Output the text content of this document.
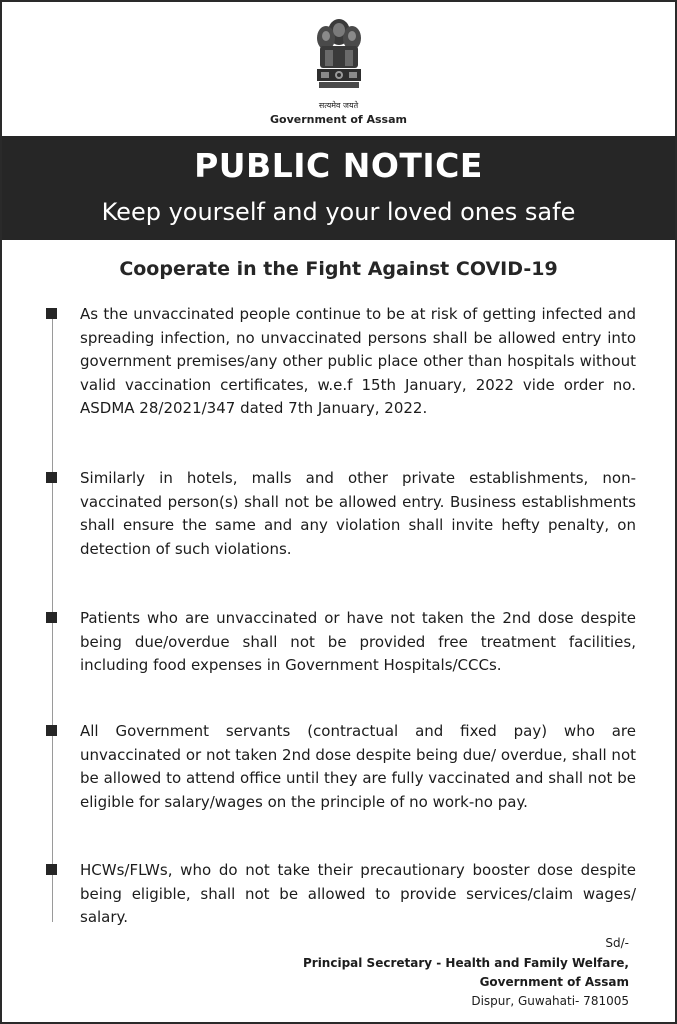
सत्यमेव जयते
Government of Assam
PUBLIC NOTICE
Keep yourself and your loved ones safe
Cooperate in the Fight Against COVID-19
As the unvaccinated people continue to be at risk of getting infected and spreading infection, no unvaccinated persons shall be allowed entry into government premises/any other public place other than hospitals without valid vaccination certificates, w.e.f 15th January, 2022 vide order no. ASDMA 28/2021/347 dated 7th January, 2022.
Similarly in hotels, malls and other private establishments, non-vaccinated person(s) shall not be allowed entry. Business establishments shall ensure the same and any violation shall invite hefty penalty, on detection of such violations.
Patients who are unvaccinated or have not taken the 2nd dose despite being due/overdue shall not be provided free treatment facilities, including food expenses in Government Hospitals/CCCs.
All Government servants (contractual and fixed pay) who are unvaccinated or not taken 2nd dose despite being due/ overdue, shall not be allowed to attend office until they are fully vaccinated and shall not be eligible for salary/wages on the principle of no work-no pay.
HCWs/FLWs, who do not take their precautionary booster dose despite being eligible, shall not be allowed to provide services/claim wages/ salary.
Sd/-
Principal Secretary - Health and Family Welfare,
Government of Assam
Dispur, Guwahati- 781005
